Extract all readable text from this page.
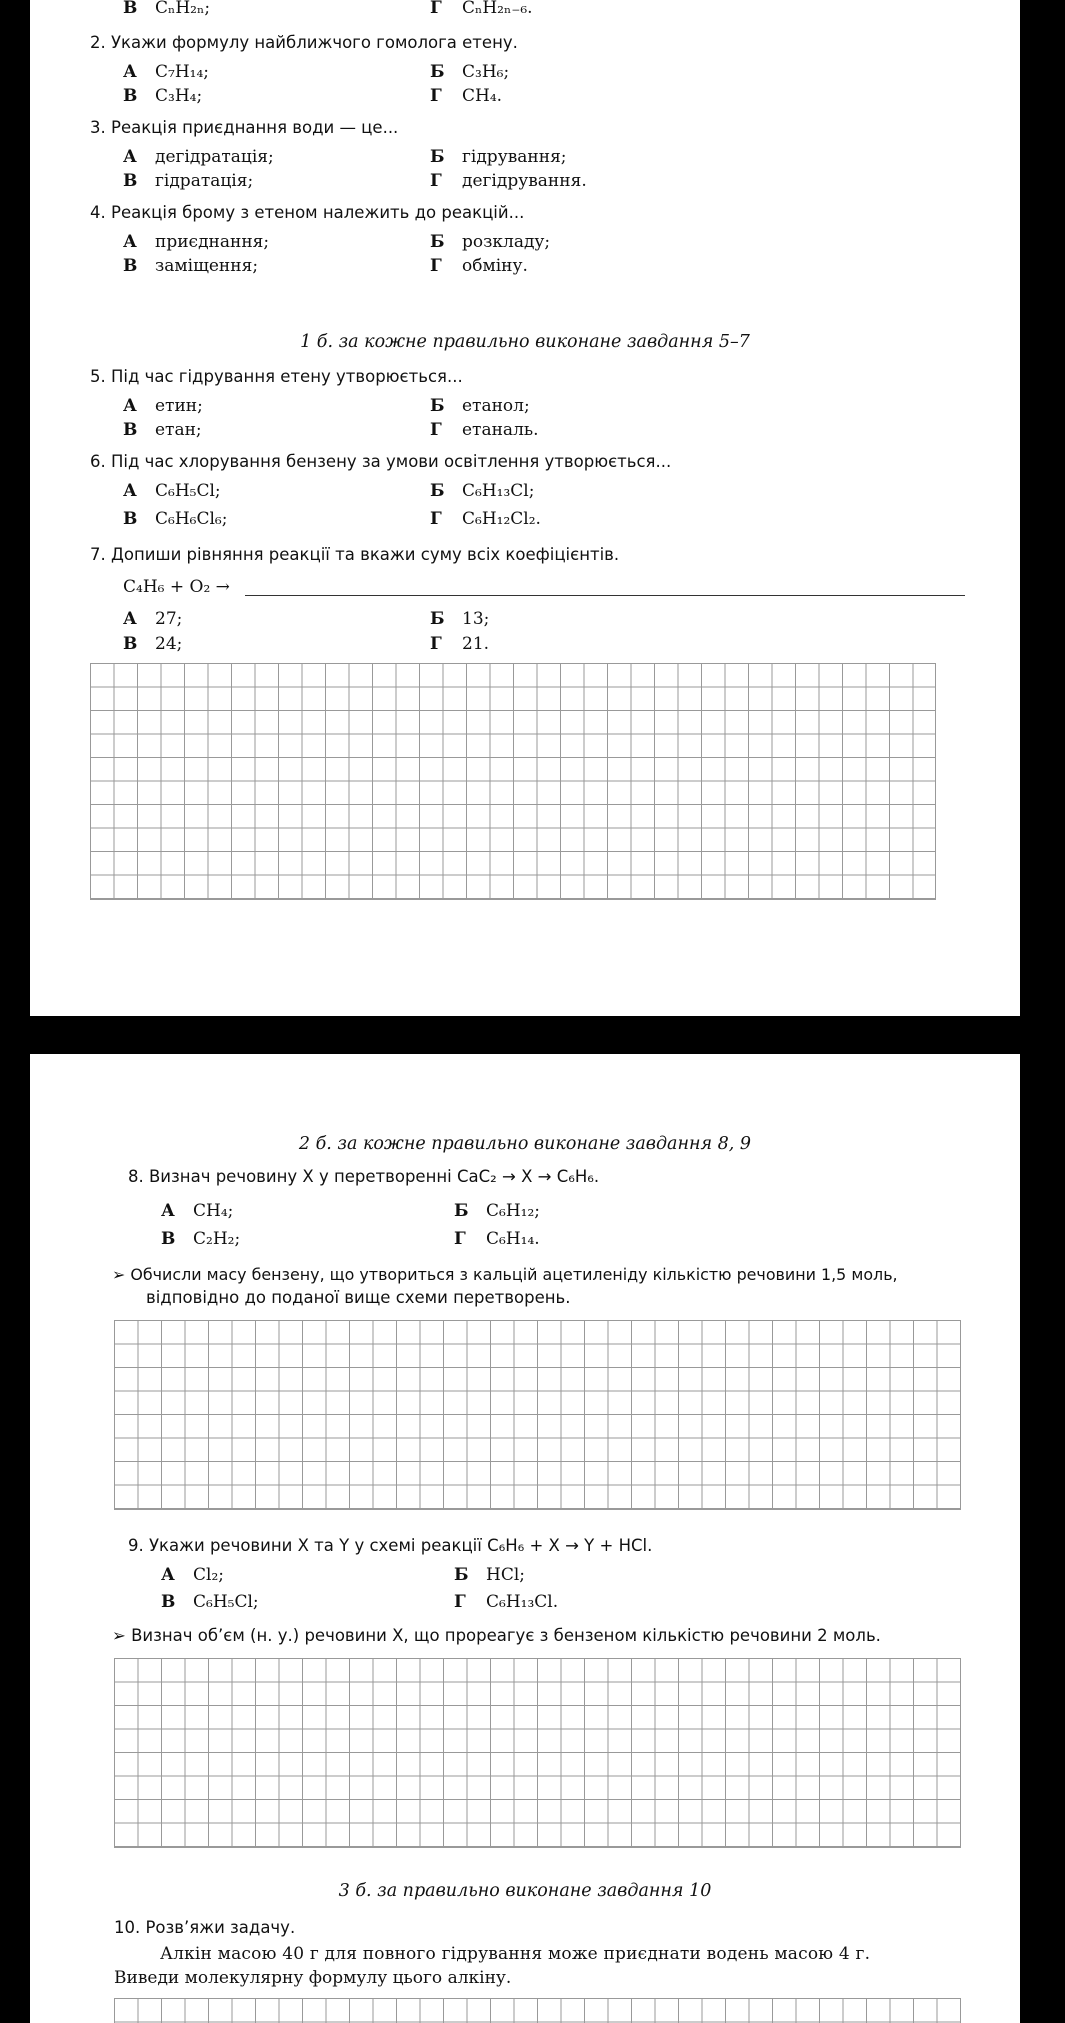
В CₙH₂ₙ;	Г CₙH₂ₙ₋₆.
2. Укажи формулу найближчого гомолога етену.
А C₇H₁₄;	Б C₃H₆;
В C₃H₄;	Г CH₄.
3. Реакція приєднання води — це...
А дегідратація;	Б гідрування;
В гідратація;	Г дегідрування.
4. Реакція брому з етеном належить до реакцій...
А приєднання;	Б розкладу;
В заміщення;	Г обміну.
1 б. за кожне правильно виконане завдання 5–7
5. Під час гідрування етену утворюється...
А етин;	Б етанол;
В етан;	Г етаналь.
6. Під час хлорування бензену за умови освітлення утворюється...
А C₆H₅Cl;	Б C₆H₁₃Cl;
В C₆H₆Cl₆;	Г C₆H₁₂Cl₂.
7. Допиши рівняння реакції та вкажи суму всіх коефіцієнтів.
C₄H₆ + O₂ →
А 27;	Б 13;
В 24;	Г 21.
2 б. за кожне правильно виконане завдання 8, 9
8. Визнач речовину X у перетворенні CaC₂ → X → C₆H₆.
А CH₄;	Б C₆H₁₂;
В C₂H₂;	Г C₆H₁₄.
➢ Обчисли масу бензену, що утвориться з кальцій ацетиленіду кількістю речовини 1,5 моль,
відповідно до поданої вище схеми перетворень.
9. Укажи речовини X та Y у схемі реакції C₆H₆ + X → Y + HCl.
А Cl₂;	Б HCl;
В C₆H₅Cl;	Г C₆H₁₃Cl.
➢ Визнач об’єм (н. у.) речовини X, що прореагує з бензеном кількістю речовини 2 моль.
3 б. за правильно виконане завдання 10
10. Розв’яжи задачу.
Алкін масою 40 г для повного гідрування може приєднати водень масою 4 г.
Виведи молекулярну формулу цього алкіну.
